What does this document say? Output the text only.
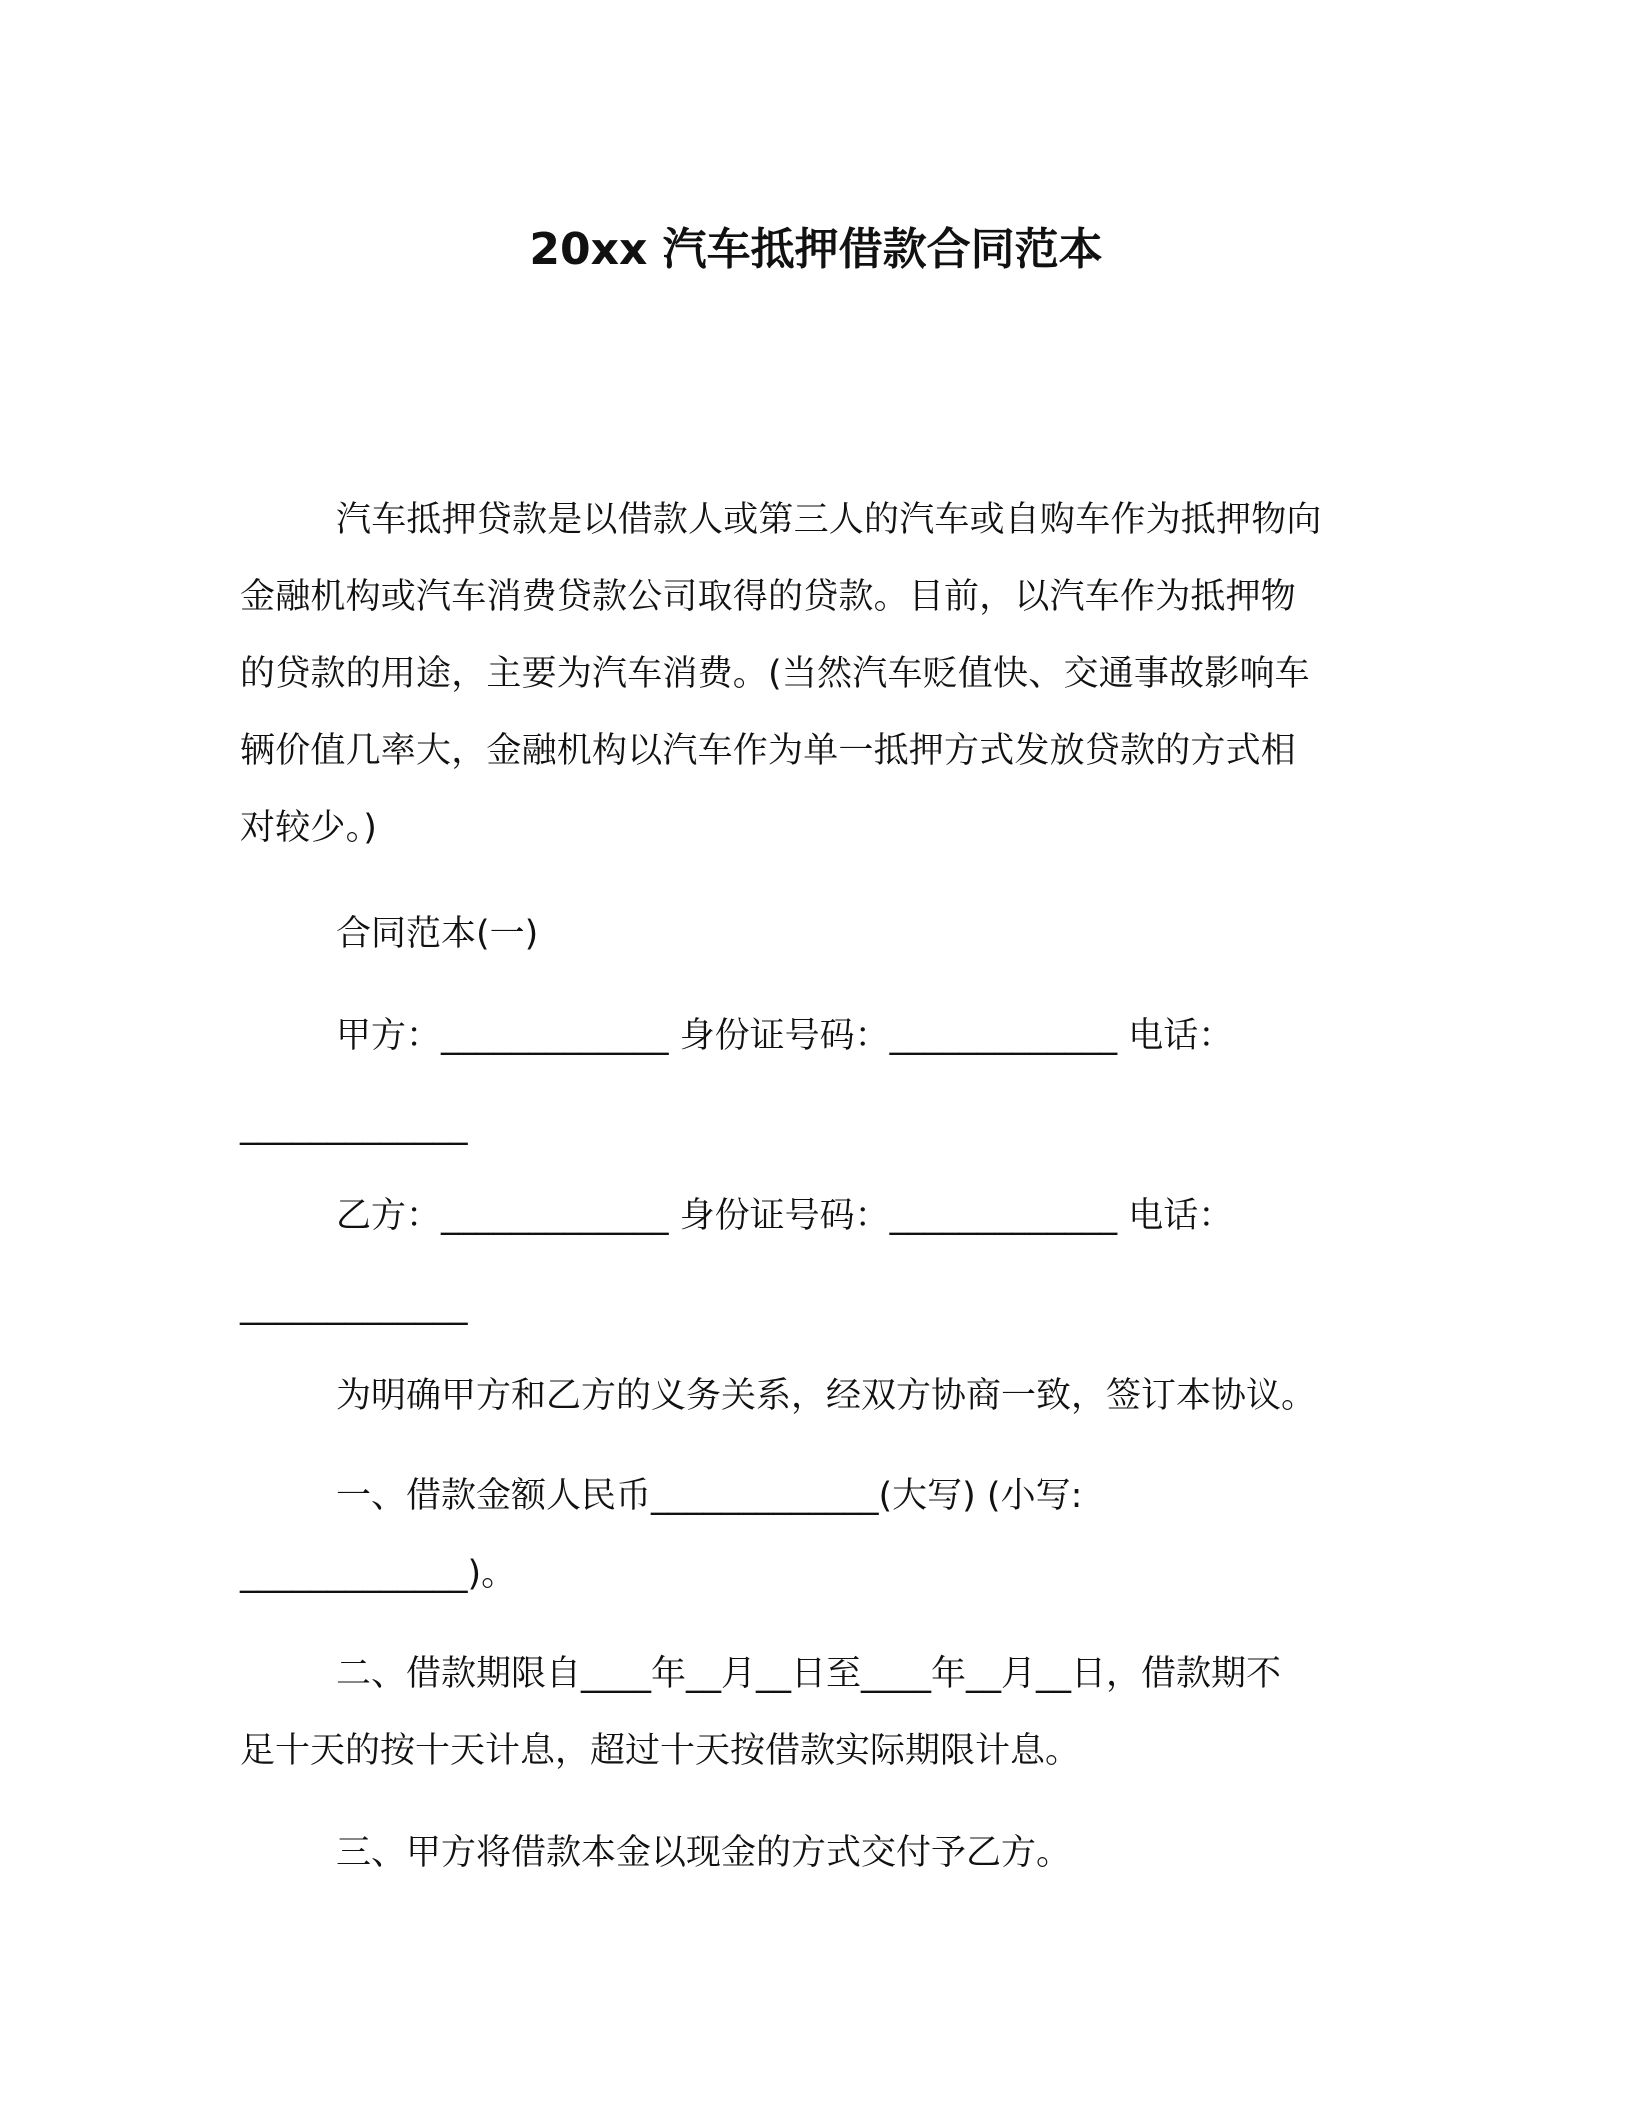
20xx 汽车抵押借款合同范本
汽车抵押贷款是以借款人或第三人的汽车或自购车作为抵押物向
金融机构或汽车消费贷款公司取得的贷款。目前，以汽车作为抵押物
的贷款的用途，主要为汽车消费。(当然汽车贬值快、交通事故影响车
辆价值几率大，金融机构以汽车作为单一抵押方式发放贷款的方式相
对较少。)

合同范本(一)

甲方：_____________ 身份证号码：_____________ 电话：

_____________

乙方：_____________ 身份证号码：_____________ 电话：

_____________

为明确甲方和乙方的义务关系，经双方协商一致，签订本协议。

一、借款金额人民币_____________(大写) (小写:

_____________)。

二、借款期限自____年__月__日至____年__月__日，借款期不

足十天的按十天计息，超过十天按借款实际期限计息。

三、甲方将借款本金以现金的方式交付予乙方。
